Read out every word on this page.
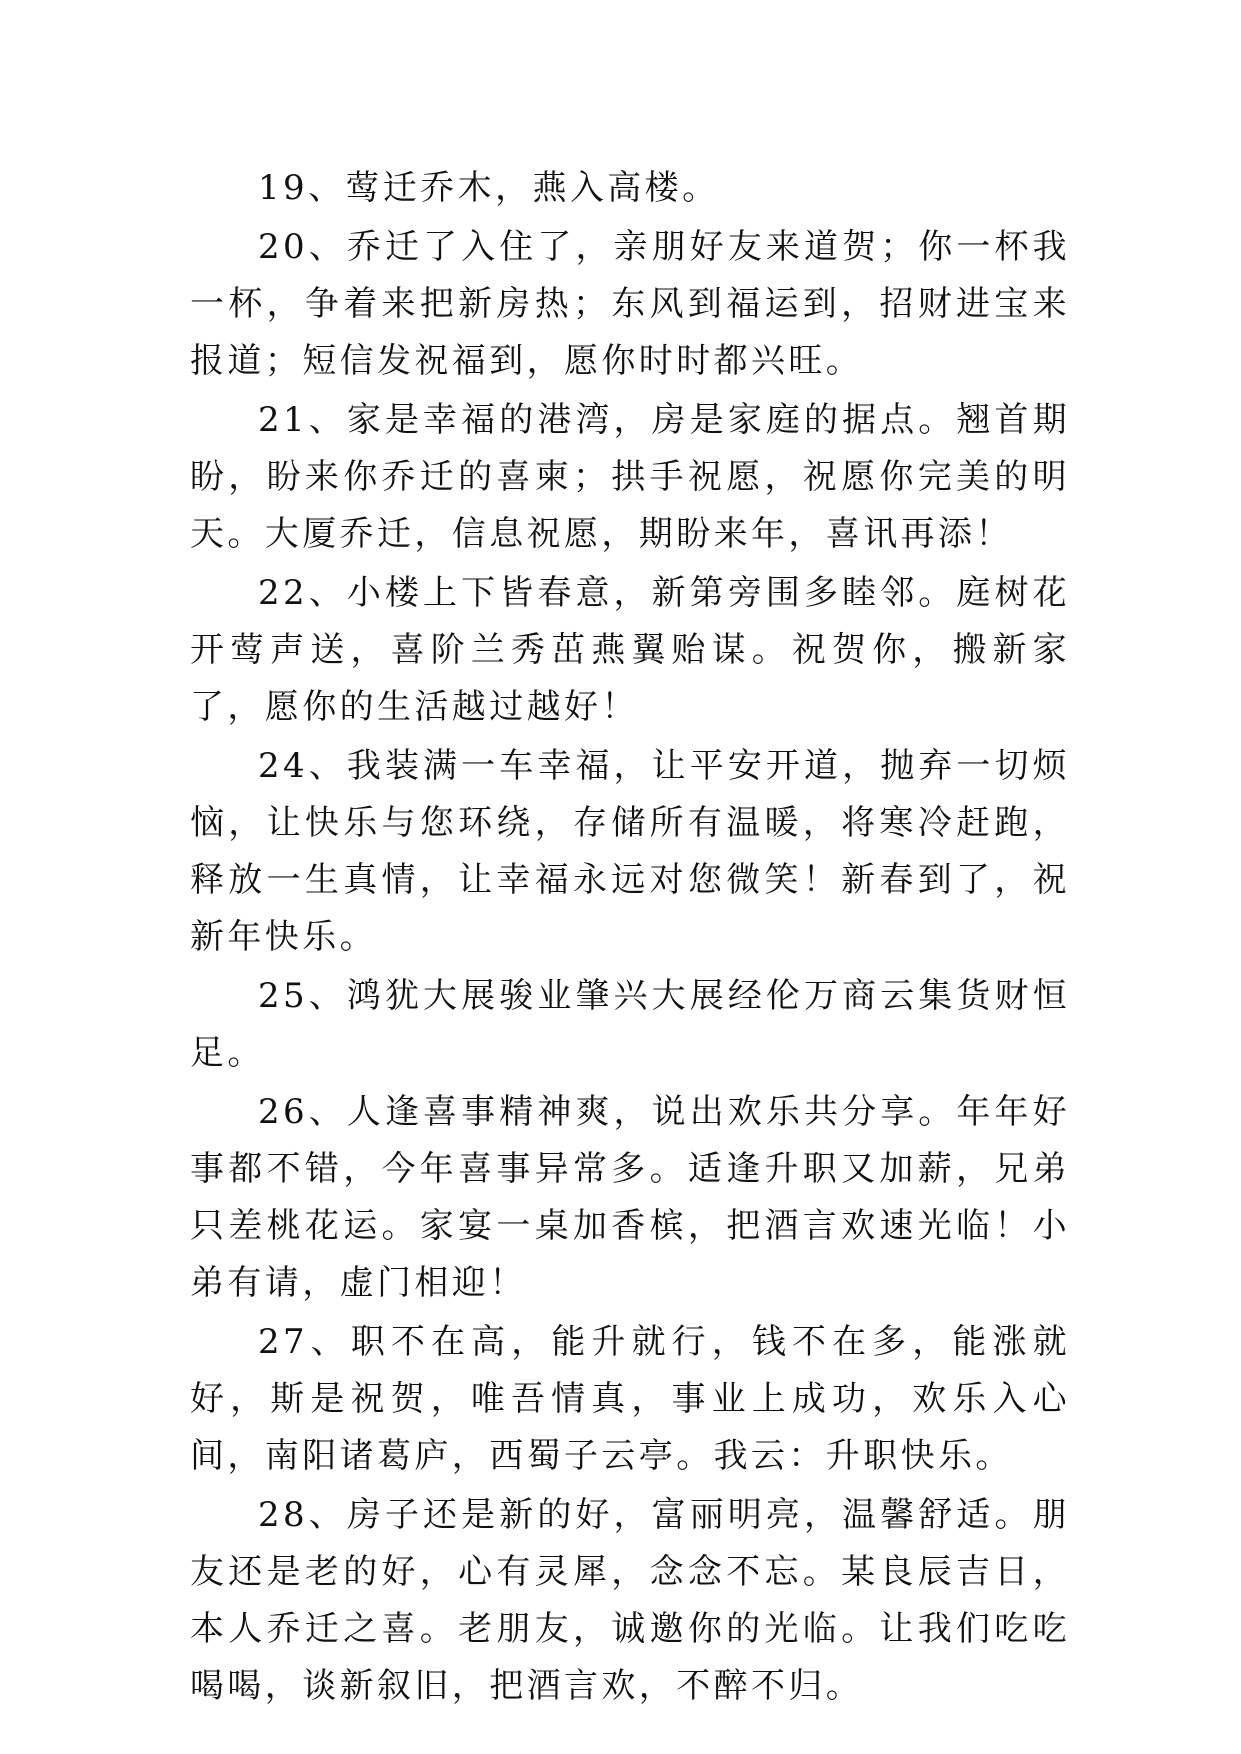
19、莺迁乔木，燕入高楼。

20、乔迁了入住了，亲朋好友来道贺；你一杯我一杯，争着来把新房热；东风到福运到，招财进宝来报道；短信发祝福到，愿你时时都兴旺。

21、家是幸福的港湾，房是家庭的据点。翘首期盼，盼来你乔迁的喜柬；拱手祝愿，祝愿你完美的明天。大厦乔迁，信息祝愿，期盼来年，喜讯再添！

22、小楼上下皆春意，新第旁围多睦邻。庭树花开莺声送，喜阶兰秀茁燕翼贻谋。祝贺你，搬新家了，愿你的生活越过越好！

24、我装满一车幸福，让平安开道，抛弃一切烦恼，让快乐与您环绕，存储所有温暖，将寒冷赶跑，释放一生真情，让幸福永远对您微笑！新春到了，祝新年快乐。

25、鸿犹大展骏业肇兴大展经伦万商云集货财恒足。

26、人逢喜事精神爽，说出欢乐共分享。年年好事都不错，今年喜事异常多。适逢升职又加薪，兄弟只差桃花运。家宴一桌加香槟，把酒言欢速光临！小弟有请，虚门相迎！

27、职不在高，能升就行，钱不在多，能涨就好，斯是祝贺，唯吾情真，事业上成功，欢乐入心间，南阳诸葛庐，西蜀子云亭。我云：升职快乐。

28、房子还是新的好，富丽明亮，温馨舒适。朋友还是老的好，心有灵犀，念念不忘。某良辰吉日，本人乔迁之喜。老朋友，诚邀你的光临。让我们吃吃喝喝，谈新叙旧，把酒言欢，不醉不归。
